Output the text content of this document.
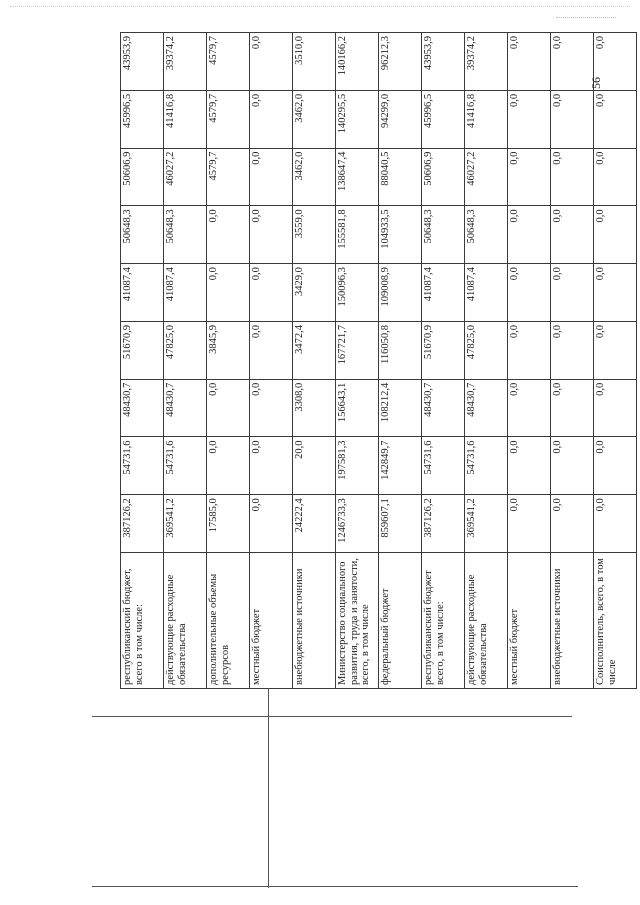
республиканский бюджет, всего в том числе:	387126,2	54731,6	48430,7	51670,9	41087,4	50648,3	50606,9	45996,5	43953,9
действующие расходные обязательства	369541,2	54731,6	48430,7	47825,0	41087,4	50648,3	46027,2	41416,8	39374,2
дополнительные объемы ресурсов	17585,0	0,0	0,0	3845,9	0,0	0,0	4579,7	4579,7	4579,7
местный бюджет	0,0	0,0	0,0	0,0	0,0	0,0	0,0	0,0	0,0
внебюджетные источники	24222,4	20,0	3308,0	3472,4	3429,0	3559,0	3462,0	3462,0	3510,0
Министерство социального развития, труда и занятости, всего, в том числе	1246733,3	197581,3	156643,1	167721,7	150096,3	155581,8	138647,4	140295,5	140166,2
федеральный бюджет	859607,1	142849,7	108212,4	116050,8	109008,9	104933,5	88040,5	94299,0	96212,3
республиканский бюджет всего, в том числе:	387126,2	54731,6	48430,7	51670,9	41087,4	50648,3	50606,9	45996,5	43953,9
действующие расходные обязательства	369541,2	54731,6	48430,7	47825,0	41087,4	50648,3	46027,2	41416,8	39374,2
местный бюджет	0,0	0,0	0,0	0,0	0,0	0,0	0,0	0,0	0,0
внебюджетные источники	0,0	0,0	0,0	0,0	0,0	0,0	0,0	0,0	0,0
Соисполнитель, всего, в том числе	0,0	0,0	0,0	0,0	0,0	0,0	0,0	0,0	0,0
56
